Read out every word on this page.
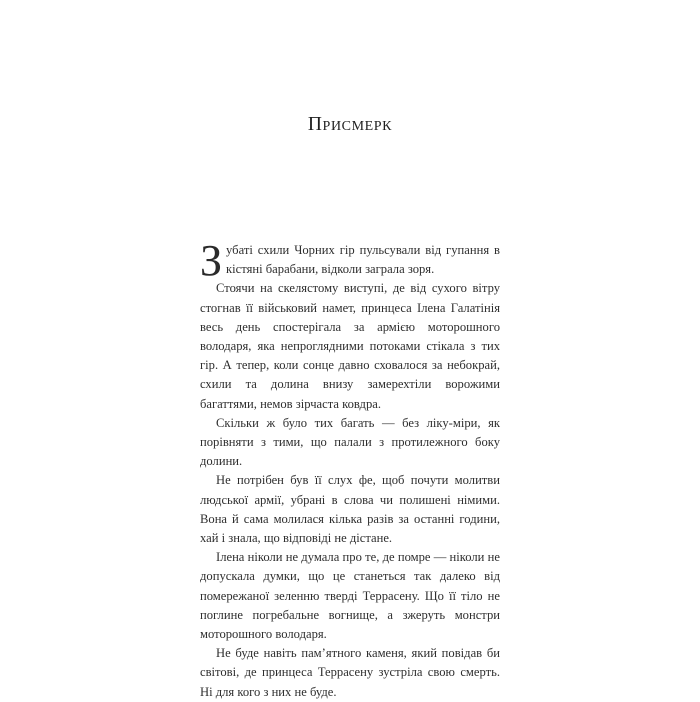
Присмерк

Зубаті схили Чорних гір пульсували від гупання в кістяні барабани, відколи заграла зоря.

Стоячи на скелястому виступі, де від сухого вітру стогнав її військовий намет, принцеса Ілена Галатінія весь день спостерігала за армією моторошного володаря, яка непроглядними потоками стікала з тих гір. А тепер, коли сонце давно сховалося за небокрай, схили та долина внизу замерехтіли ворожими багаттями, немов зірчаста ковдра.

Скільки ж було тих багать — без ліку-міри, як порівняти з тими, що палали з протилежного боку долини.

Не потрібен був її слух фе, щоб почути молитви людської армії, убрані в слова чи полишені німими. Вона й сама молилася кілька разів за останні години, хай і знала, що відповіді не дістане.

Ілена ніколи не думала про те, де помре — ніколи не допускала думки, що це станеться так далеко від помережаної зеленню тверді Террасену. Що її тіло не поглине погребальне вогнище, а зжеруть монстри моторошного володаря.

Не буде навіть пам’ятного каменя, який повідав би світові, де принцеса Террасену зустріла свою смерть. Ні для кого з них не буде.
